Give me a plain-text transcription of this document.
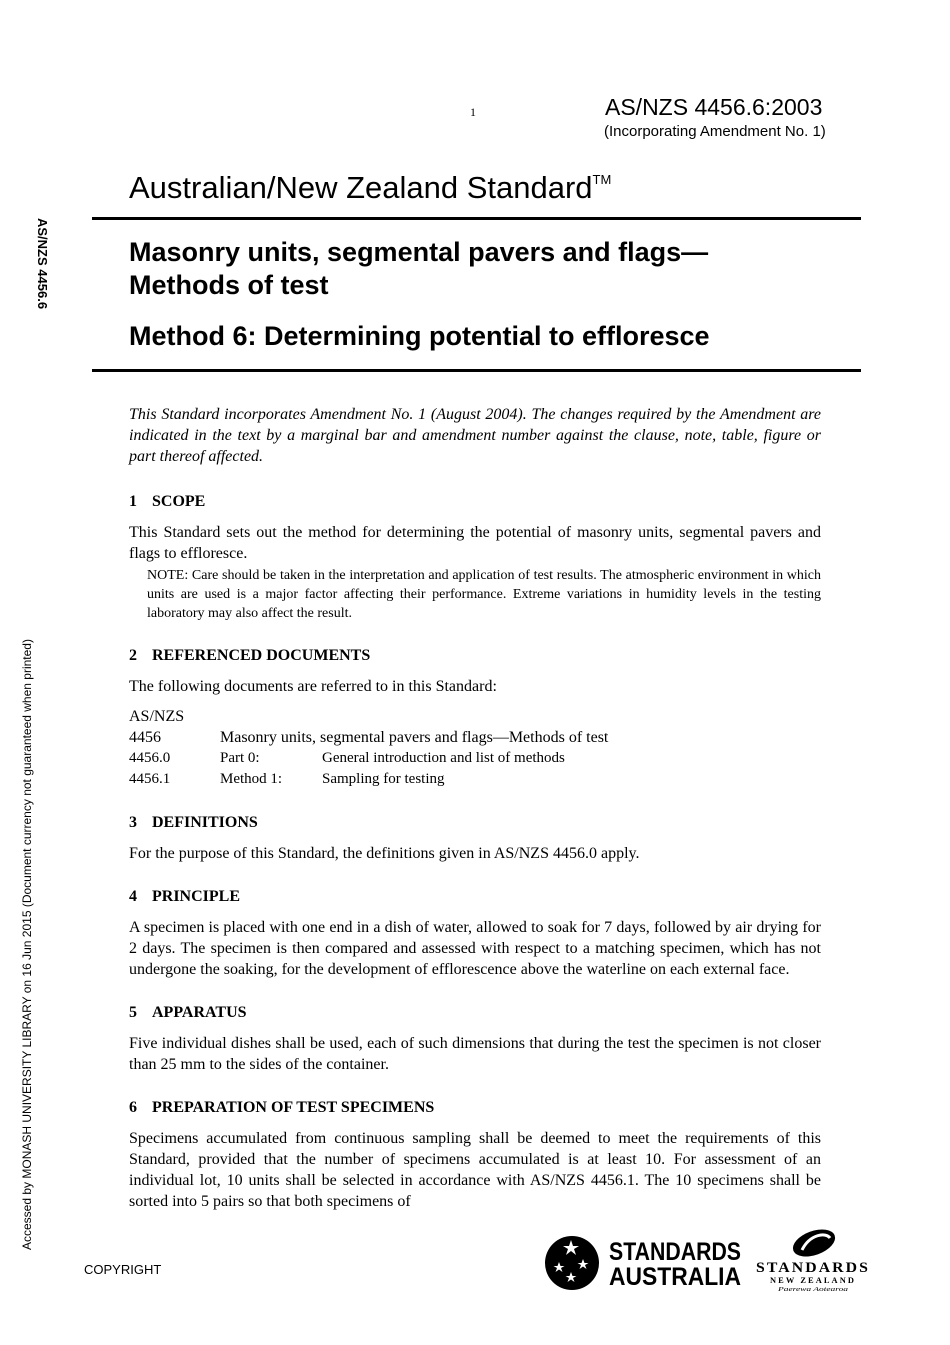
1	AS/NZS 4456.6:2003
(Incorporating Amendment No. 1)
Australian/New Zealand Standard™
Masonry units, segmental pavers and flags—
Methods of test
Method 6: Determining potential to effloresce
AS/NZS 4456.6
Accessed by MONASH UNIVERSITY LIBRARY on 16 Jun 2015 (Document currency not guaranteed when printed)

This Standard incorporates Amendment No. 1 (August 2004). The changes required by the Amendment are indicated in the text by a marginal bar and amendment number against the clause, note, table, figure or part thereof affected.

1 SCOPE

This Standard sets out the method for determining the potential of masonry units, segmental pavers and flags to effloresce.

NOTE: Care should be taken in the interpretation and application of test results. The atmospheric environment in which units are used is a major factor affecting their performance. Extreme variations in humidity levels in the testing laboratory may also affect the result.

2 REFERENCED DOCUMENTS

The following documents are referred to in this Standard:

AS/NZS
4456	Masonry units, segmental pavers and flags—Methods of test
4456.0	Part 0:	General introduction and list of methods
4456.1	Method 1:	Sampling for testing
3 DEFINITIONS

For the purpose of this Standard, the definitions given in AS/NZS 4456.0 apply.

4 PRINCIPLE

A specimen is placed with one end in a dish of water, allowed to soak for 7 days, followed by air drying for 2 days. The specimen is then compared and assessed with respect to a matching specimen, which has not undergone the soaking, for the development of efflorescence above the waterline on each external face.

5 APPARATUS

Five individual dishes shall be used, each of such dimensions that during the test the specimen is not closer than 25 mm to the sides of the container.

6 PREPARATION OF TEST SPECIMENS

Specimens accumulated from continuous sampling shall be deemed to meet the requirements of this Standard, provided that the number of specimens accumulated is at least 10. For assessment of an individual lot, 10 units shall be selected in accordance with AS/NZS 4456.1. The 10 specimens shall be sorted into 5 pairs so that both specimens of

COPYRIGHT
STANDARDS
AUSTRALIA STANDARDS
NEW ZEALAND
Paerewa Aotearoa
